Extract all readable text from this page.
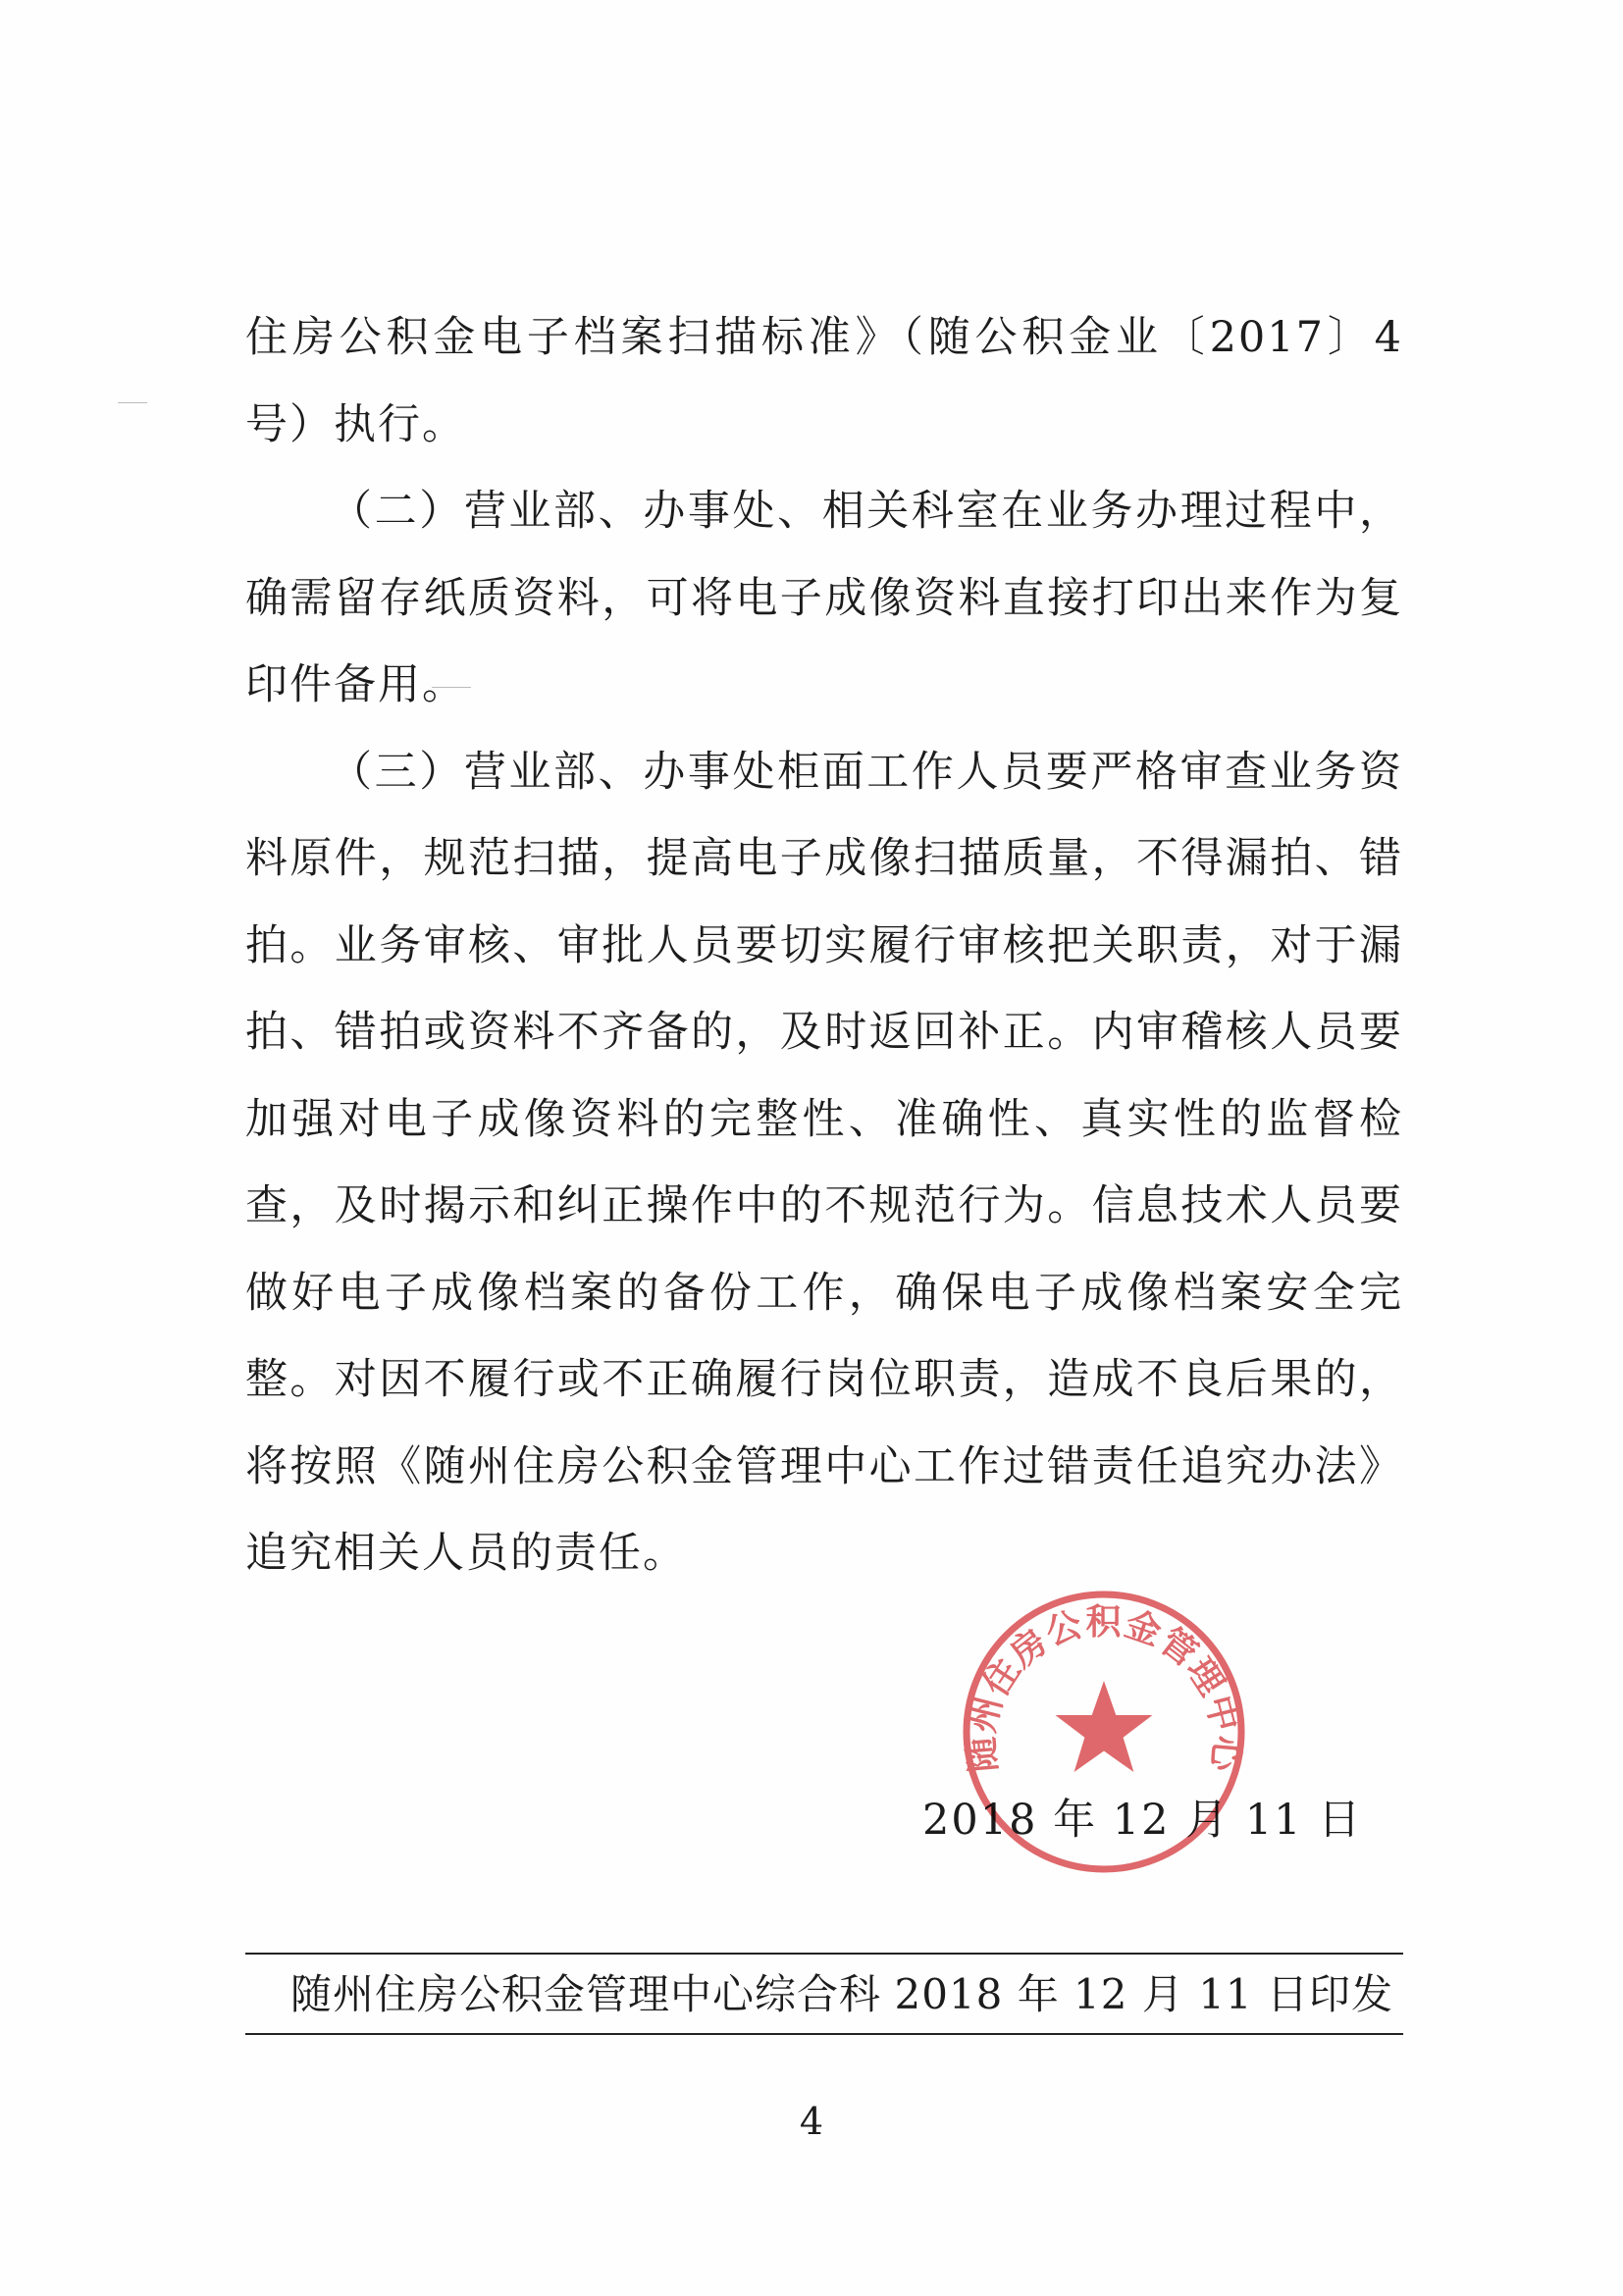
住房公积金电子档案扫描标准》（随公积金业〔2017〕4 号）执行。

（二）营业部、办事处、相关科室在业务办理过程中，确需留存纸质资料，可将电子成像资料直接打印出来作为复印件备用。

（三）营业部、办事处柜面工作人员要严格审查业务资料原件，规范扫描，提高电子成像扫描质量，不得漏拍、错拍。业务审核、审批人员要切实履行审核把关职责，对于漏拍、错拍或资料不齐备的，及时返回补正。内审稽核人员要加强对电子成像资料的完整性、准确性、真实性的监督检查，及时揭示和纠正操作中的不规范行为。信息技术人员要做好电子成像档案的备份工作，确保电子成像档案安全完整。对因不履行或不正确履行岗位职责，造成不良后果的，将按照《随州住房公积金管理中心工作过错责任追究办法》追究相关人员的责任。

2018 年 12 月 11 日
随州住房公积金管理中心
随州住房公积金管理中心综合科 2018 年 12 月 11 日印发
4
